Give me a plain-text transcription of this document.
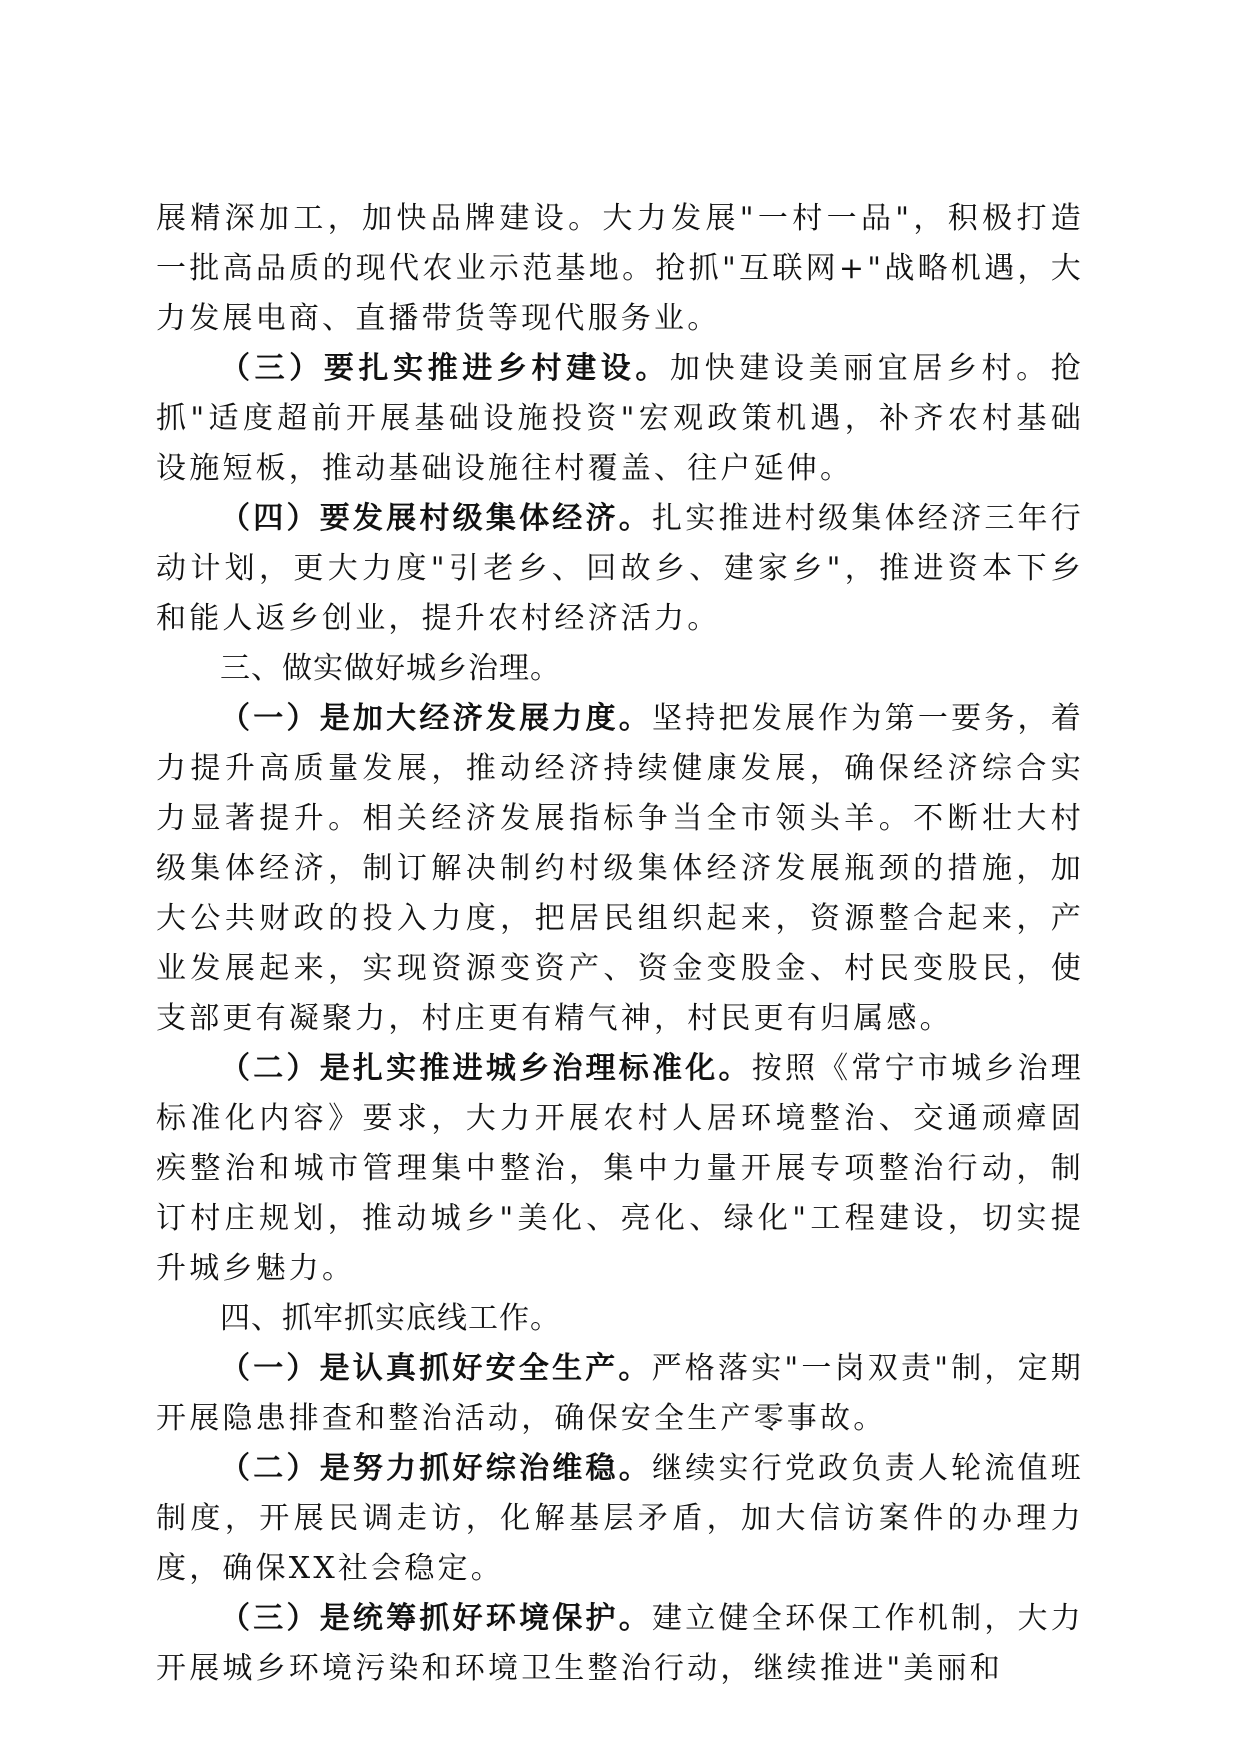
展精深加工，加快品牌建设。大力发展"一村一品"，积极打造一批高品质的现代农业示范基地。抢抓"互联网+"战略机遇，大力发展电商、直播带货等现代服务业。

（三）要扎实推进乡村建设。加快建设美丽宜居乡村。抢抓"适度超前开展基础设施投资"宏观政策机遇，补齐农村基础设施短板，推动基础设施往村覆盖、往户延伸。

（四）要发展村级集体经济。扎实推进村级集体经济三年行动计划，更大力度"引老乡、回故乡、建家乡"，推进资本下乡和能人返乡创业，提升农村经济活力。

三、做实做好城乡治理。

（一）是加大经济发展力度。坚持把发展作为第一要务，着力提升高质量发展，推动经济持续健康发展，确保经济综合实力显著提升。相关经济发展指标争当全市领头羊。不断壮大村级集体经济，制订解决制约村级集体经济发展瓶颈的措施，加大公共财政的投入力度，把居民组织起来，资源整合起来，产业发展起来，实现资源变资产、资金变股金、村民变股民，使支部更有凝聚力，村庄更有精气神，村民更有归属感。

（二）是扎实推进城乡治理标准化。按照《常宁市城乡治理标准化内容》要求，大力开展农村人居环境整治、交通顽瘴固疾整治和城市管理集中整治，集中力量开展专项整治行动，制订村庄规划，推动城乡"美化、亮化、绿化"工程建设，切实提升城乡魅力。

四、抓牢抓实底线工作。

（一）是认真抓好安全生产。严格落实"一岗双责"制，定期开展隐患排查和整治活动，确保安全生产零事故。

（二）是努力抓好综治维稳。继续实行党政负责人轮流值班制度，开展民调走访，化解基层矛盾，加大信访案件的办理力度，确保XX社会稳定。

（三）是统筹抓好环境保护。建立健全环保工作机制，大力开展城乡环境污染和环境卫生整治行动，继续推进"美丽和
